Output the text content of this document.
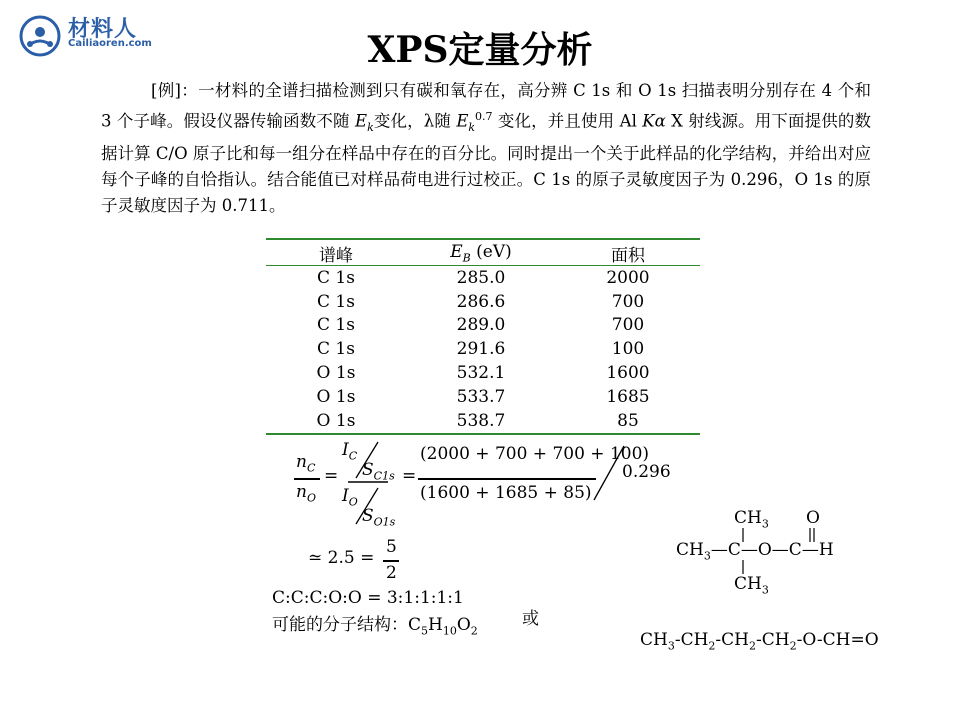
材料人
Cailiaoren.com	XPS定量分析
[例]：一材料的全谱扫描检测到只有碳和氧存在，高分辨 C 1s 和 O 1s 扫描表明分别存在 4 个和 3 个子峰。假设仪器传输函数不随 $E_k$变化，λ随 $E_k^{0.7}$ 变化，并且使用 Al Kα X 射线源。用下面提供的数据计算 C/O 原子比和每一组分在样品中存在的百分比。同时提出一个关于此样品的化学结构，并给出对应每个子峰的自恰指认。结合能值已对样品荷电进行过校正。C 1s 的原子灵敏度因子为 0.296，O 1s 的原子灵敏度因子为 0.711。
谱峰	$E_B$ (eV)	面积
C 1s	285.0	2000
C 1s	286.6	700
C 1s	289.0	700
C 1s	291.6	100
O 1s	532.1	1600
O 1s	533.7	1685
O 1s	538.7	85
$n_C$
$n_O$
=
$I_C$
$S_{C1s}$
$I_O$
$S_{O1s}$
=
(2000 + 700 + 700 + 100)
0.296
(1600 + 1685 + 85)
≃ 2.5 =
5
2
C:C:C:O:O = 3:1:1:1:1
可能的分子结构：$C_5H_{10}O_2$
或
$CH_3$ O
$CH_3—C—O—C—H$
$CH_3$
$CH_3-CH_2-CH_2-CH_2-O-CH=O$
